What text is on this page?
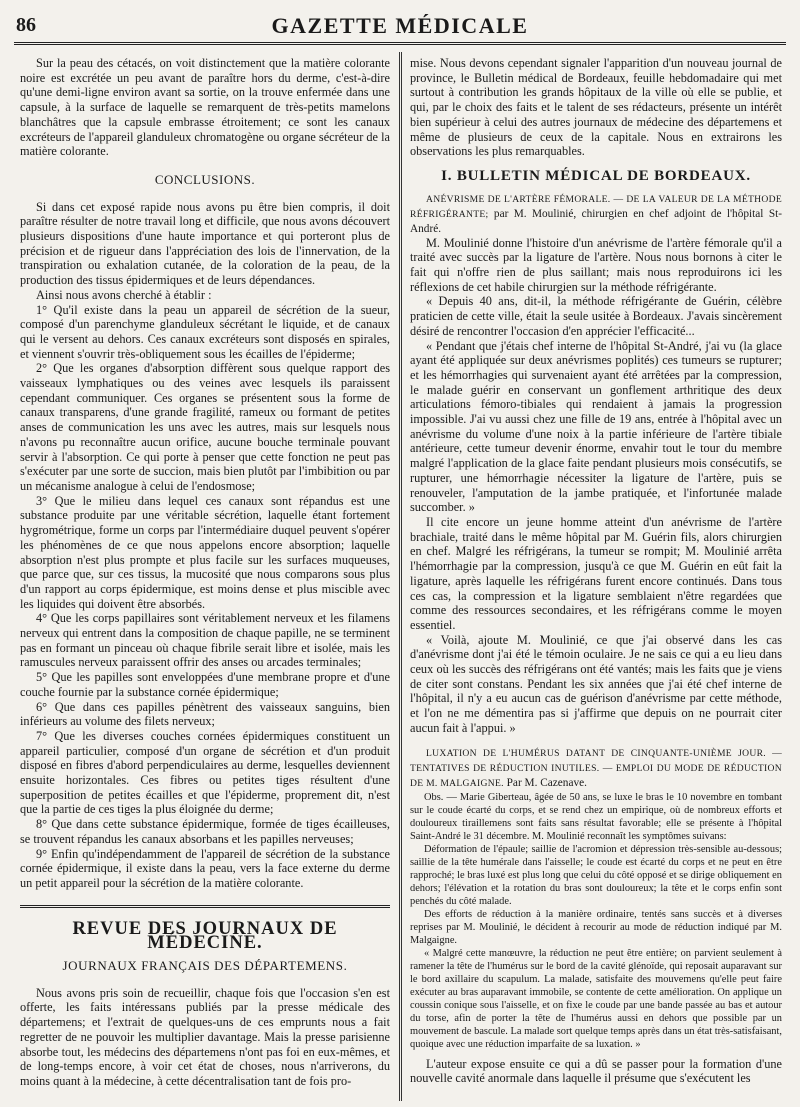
86	GAZETTE MÉDICALE

Sur la peau des cétacés, on voit distinctement que la matière colorante noire est excrétée un peu avant de paraître hors du derme, c'est-à-dire qu'une demi-ligne environ avant sa sortie, on la trouve enfermée dans une capsule, à la surface de laquelle se remarquent de très-petits mamelons blanchâtres que la capsule embrasse étroitement; ce sont les canaux excréteurs de l'appareil glanduleux chromatogène ou organe sécréteur de la matière colorante.

CONCLUSIONS.

Si dans cet exposé rapide nous avons pu être bien compris, il doit paraître résulter de notre travail long et difficile, que nous avons découvert plusieurs dispositions d'une haute importance et qui porteront plus de précision et de rigueur dans l'appréciation des lois de l'innervation, de la transpiration ou exhalation cutanée, de la coloration de la peau, de la production des tissus épidermiques et de leurs dépendances.

Ainsi nous avons cherché à établir :

1° Qu'il existe dans la peau un appareil de sécrétion de la sueur, composé d'un parenchyme glanduleux sécrétant le liquide, et de canaux qui le versent au dehors. Ces canaux excréteurs sont disposés en spirales, et viennent s'ouvrir très-obliquement sous les écailles de l'épiderme;

2° Que les organes d'absorption diffèrent sous quelque rapport des vaisseaux lymphatiques ou des veines avec lesquels ils paraissent cependant communiquer. Ces organes se présentent sous la forme de canaux transparens, d'une grande fragilité, rameux ou formant de petites anses de communication les uns avec les autres, mais sur lesquels nous n'avons pu reconnaître aucun orifice, aucune bouche terminale pouvant servir à l'absorption. Ce qui porte à penser que cette fonction ne peut pas s'exécuter par une sorte de succion, mais bien plutôt par l'imbibition ou par un mécanisme analogue à celui de l'endosmose;

3° Que le milieu dans lequel ces canaux sont répandus est une substance produite par une véritable sécrétion, laquelle étant fortement hygrométrique, forme un corps par l'intermédiaire duquel peuvent s'opérer les phénomènes de ce que nous appelons encore absorption; laquelle absorption n'est plus prompte et plus facile sur les surfaces muqueuses, que parce que, sur ces tissus, la mucosité que nous comparons sous plus d'un rapport au corps épidermique, est moins dense et plus miscible avec les liquides qui doivent être absorbés.

4° Que les corps papillaires sont véritablement nerveux et les filamens nerveux qui entrent dans la composition de chaque papille, ne se terminent pas en formant un pinceau où chaque fibrile serait libre et isolée, mais les ramuscules nerveux paraissent offrir des anses ou arcades terminales;

5° Que les papilles sont enveloppées d'une membrane propre et d'une couche fournie par la substance cornée épidermique;

6° Que dans ces papilles pénètrent des vaisseaux sanguins, bien inférieurs au volume des filets nerveux;

7° Que les diverses couches cornées épidermiques constituent un appareil particulier, composé d'un organe de sécrétion et d'un produit disposé en fibres d'abord perpendiculaires au derme, lesquelles deviennent ensuite horizontales. Ces fibres ou petites tiges résultent d'une superposition de petites écailles et que l'épiderme, proprement dit, n'est que la partie de ces tiges la plus éloignée du derme;

8° Que dans cette substance épidermique, formée de tiges écailleuses, se trouvent répandus les canaux absorbans et les papilles nerveuses;

9° Enfin qu'indépendamment de l'appareil de sécrétion de la substance cornée épidermique, il existe dans la peau, vers la face externe du derme un petit appareil pour la sécrétion de la matière colorante.

REVUE DES JOURNAUX DE MÉDECINE.
JOURNAUX FRANÇAIS DES DÉPARTEMENS.

Nous avons pris soin de recueillir, chaque fois que l'occasion s'en est offerte, les faits intéressans publiés par la presse médicale des départemens; et l'extrait de quelques-uns de ces emprunts nous a fait regretter de ne pouvoir les multiplier davantage. Mais la presse parisienne absorbe tout, les médecins des départemens n'ont pas foi en eux-mêmes, et de long-temps encore, à voir cet état de choses, nous n'arriverons, du moins quant à la médecine, à cette décentralisation tant de fois pro-

mise. Nous devons cependant signaler l'apparition d'un nouveau journal de province, le Bulletin médical de Bordeaux, feuille hebdomadaire qui met surtout à contribution les grands hôpitaux de la ville où elle se publie, et qui, par le choix des faits et le talent de ses rédacteurs, présente un intérêt bien supérieur à celui des autres journaux de médecine des départemens et même de plusieurs de ceux de la capitale. Nous en extrairons les observations les plus remarquables.

I. BULLETIN MÉDICAL DE BORDEAUX.

ANÉVRISME DE L'ARTÈRE FÉMORALE. — DE LA VALEUR DE LA MÉTHODE RÉFRIGÉRANTE; par M. Moulinié, chirurgien en chef adjoint de l'hôpital St-André.

M. Moulinié donne l'histoire d'un anévrisme de l'artère fémorale qu'il a traité avec succès par la ligature de l'artère. Nous nous bornons à citer le fait qui n'offre rien de plus saillant; mais nous reproduirons ici les réflexions de cet habile chirurgien sur la méthode réfrigérante.

« Depuis 40 ans, dit-il, la méthode réfrigérante de Guérin, célèbre praticien de cette ville, était la seule usitée à Bordeaux. J'avais sincèrement désiré de rencontrer l'occasion d'en apprécier l'efficacité...

« Pendant que j'étais chef interne de l'hôpital St-André, j'ai vu (la glace ayant été appliquée sur deux anévrismes poplités) ces tumeurs se rupturer; et les hémorrhagies qui survenaient ayant été arrêtées par la compression, le malade guérir en conservant un gonflement arthritique des deux articulations fémoro-tibiales qui rendaient à jamais la progression impossible. J'ai vu aussi chez une fille de 19 ans, entrée à l'hôpital avec un anévrisme du volume d'une noix à la partie inférieure de l'artère tibiale antérieure, cette tumeur devenir énorme, envahir tout le tour du membre malgré l'application de la glace faite pendant plusieurs mois consécutifs, se rupturer, une hémorrhagie nécessiter la ligature de l'artère, puis se renouveler, l'amputation de la jambe pratiquée, et l'infortunée malade succomber. »

Il cite encore un jeune homme atteint d'un anévrisme de l'artère brachiale, traité dans le même hôpital par M. Guérin fils, alors chirurgien en chef. Malgré les réfrigérans, la tumeur se rompit; M. Moulinié arrêta l'hémorrhagie par la compression, jusqu'à ce que M. Guérin en eût fait la ligature, après laquelle les réfrigérans furent encore continués. Dans tous ces cas, la compression et la ligature semblaient n'être regardées que comme des ressources secondaires, et les réfrigérans comme le moyen essentiel.

« Voilà, ajoute M. Moulinié, ce que j'ai observé dans les cas d'anévrisme dont j'ai été le témoin oculaire. Je ne sais ce qui a eu lieu dans ceux où les succès des réfrigérans ont été vantés; mais les faits que je viens de citer sont constans. Pendant les six années que j'ai été chef interne de l'hôpital, il n'y a eu aucun cas de guérison d'anévrisme par cette méthode, et l'on ne me démentira pas si j'affirme que depuis on ne pourrait citer aucun fait à l'appui. »

LUXATION DE L'HUMÉRUS DATANT DE CINQUANTE-UNIÈME JOUR. — TENTATIVES DE RÉDUCTION INUTILES. — EMPLOI DU MODE DE RÉDUCTION DE M. MALGAIGNE. Par M. Cazenave.

Obs. — Marie Giberteau, âgée de 50 ans, se luxe le bras le 10 novembre en tombant sur le coude écarté du corps, et se rend chez un empirique, où de nombreux efforts et douloureux tiraillemens sont faits sans résultat favorable; elle se présente à l'hôpital Saint-André le 31 décembre. M. Moulinié reconnaît les symptômes suivans:

Déformation de l'épaule; saillie de l'acromion et dépression très-sensible au-dessous; saillie de la tête humérale dans l'aisselle; le coude est écarté du corps et ne peut en être rapproché; le bras luxé est plus long que celui du côté opposé et se dirige obliquement en dehors; l'élévation et la rotation du bras sont douloureux; la tête et le corps enfin sont penchés du côté malade.

Des efforts de réduction à la manière ordinaire, tentés sans succès et à diverses reprises par M. Moulinié, le décident à recourir au mode de réduction indiqué par M. Malgaigne.

« Malgré cette manœuvre, la réduction ne peut être entière; on parvient seulement à ramener la tête de l'humérus sur le bord de la cavité glénoïde, qui reposait auparavant sur le bord axillaire du scapulum. La malade, satisfaite des mouvemens qu'elle peut faire exécuter au bras auparavant immobile, se contente de cette amélioration. On applique un coussin conique sous l'aisselle, et on fixe le coude par une bande passée au bas et autour du torse, afin de porter la tête de l'humérus aussi en dehors que possible par un mouvement de bascule. La malade sort quelque temps après dans un état très-satisfaisant, quoique avec une réduction imparfaite de sa luxation. »

L'auteur expose ensuite ce qui a dû se passer pour la formation d'une nouvelle cavité anormale dans laquelle il présume que s'exécutent les
